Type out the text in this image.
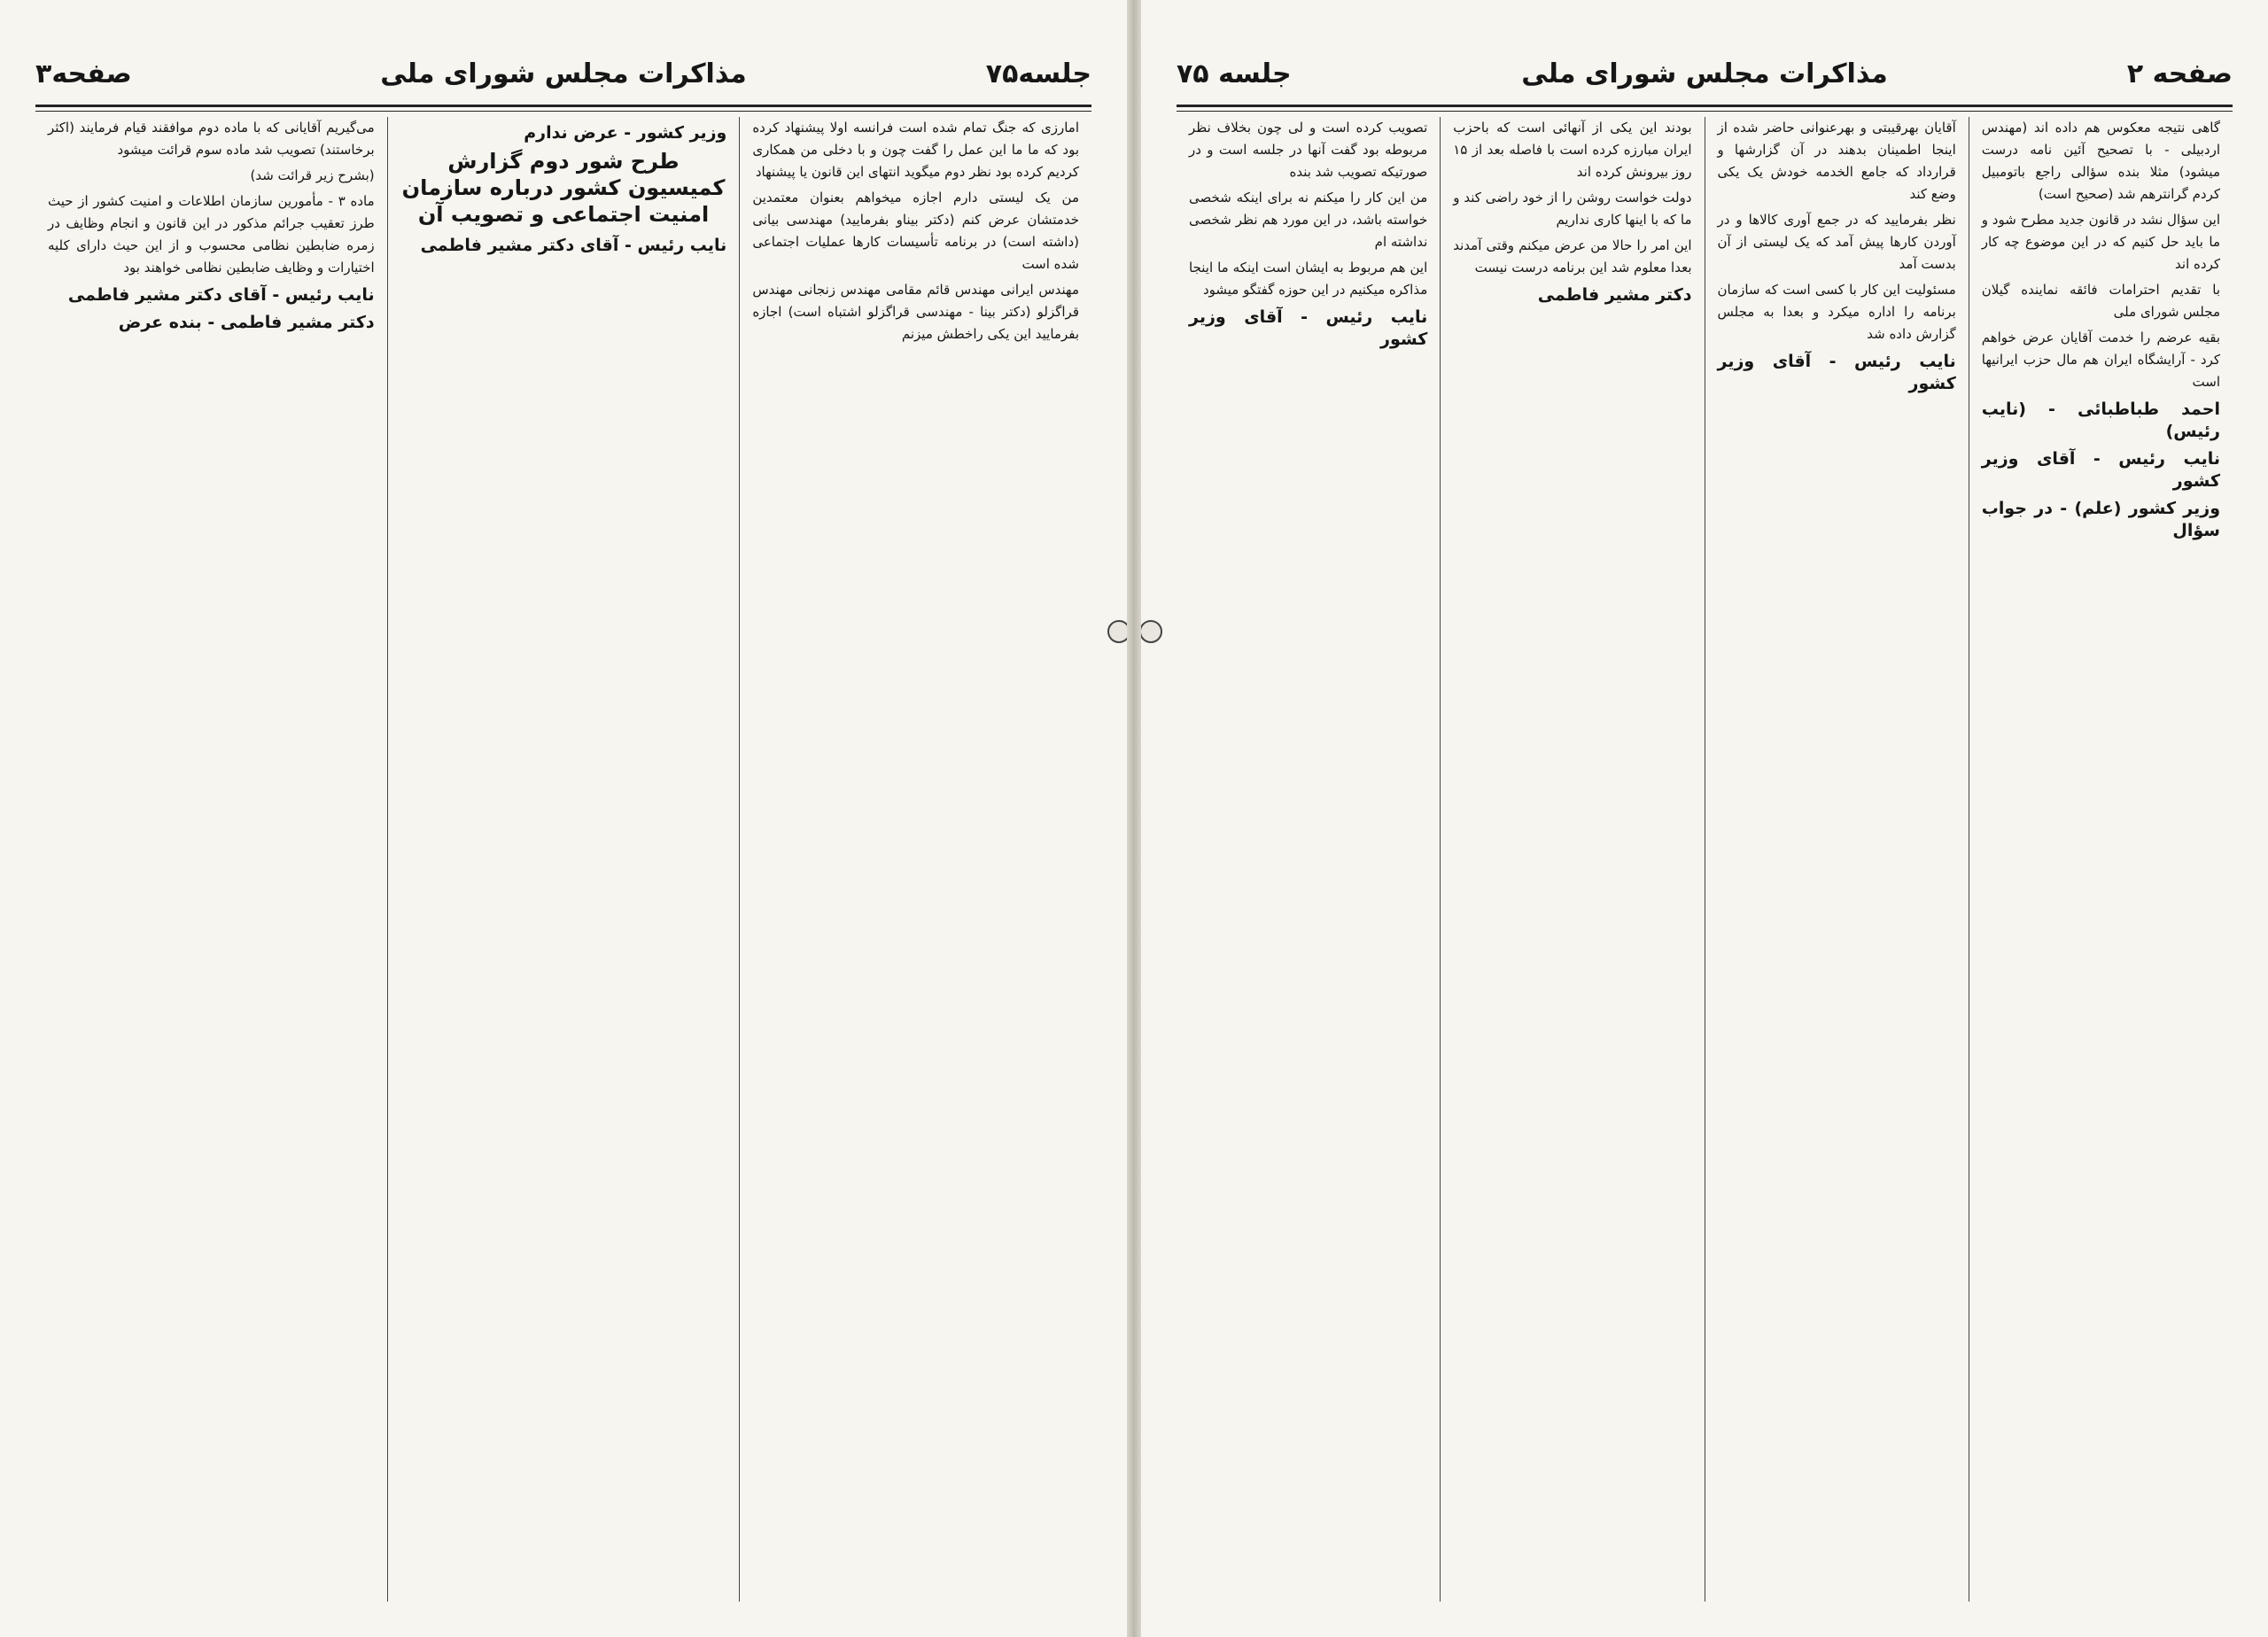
جلسه۷۵
مذاکرات مجلس شورای ملی
صفحه۳

امارزی که جنگ تمام شده است فرانسه اولا پیشنهاد کرده بود که ما ما این عمل را گفت چون و با دخلی من همکاری کردیم کرده بود نظر دوم میگوید انتهای این قانون یا پیشنهاد

من یک لیستی دارم اجازه میخواهم بعنوان معتمدین خدمتشان عرض کنم (دکتر بیناو بفرمایید) مهندسی بیانی (داشته است) در برنامه تأسیسات کارها عملیات اجتماعی شده است

مهندس ایرانی مهندس قائم مقامی مهندس زنجانی مهندس قراگزلو (دکتر بینا - مهندسی قراگزلو اشتباه است) اجازه بفرمایید این یکی راخطش میزنم

وزیر کشور - عرض ندارم
طرح شور دوم گزارش کمیسیون کشور درباره سازمان امنیت اجتماعی و تصویب آن
نایب رئیس - آقای دکتر مشیر فاطمی

می‌گیریم آقایانی که با ماده دوم موافقند قیام فرمایند (اکثر برخاستند) تصویب شد ماده سوم قرائت میشود

(بشرح زیر قرائت شد)

ماده ۳ - مأمورین سازمان اطلاعات و امنیت کشور از حیث طرز تعقیب جرائم مذکور در این قانون و انجام وظایف در زمره ضابطین نظامی محسوب و از این حیث دارای کلیه اختیارات و وظایف ضابطین نظامی خواهند بود

نایب رئیس - آقای دکتر مشیر فاطمی
دکتر مشیر فاطمی - بنده عرض
صفحه ۲
مذاکرات مجلس شورای ملی
جلسه ۷۵

گاهی نتیجه معکوس هم داده اند (مهندس اردبیلی - با تصحیح آئین نامه درست میشود) مثلا بنده سؤالی راجع باتومبیل کردم گرانترهم شد (صحیح است)

این سؤال نشد در قانون جدید مطرح شود و ما باید حل کنیم که در این موضوع چه کار کرده اند

با تقدیم احترامات فائقه نماینده گیلان مجلس شورای ملی

بقیه عرضم را خدمت آقایان عرض خواهم کرد - آرایشگاه ایران هم مال حزب ایرانیها است

احمد طباطبائی - (نایب رئیس)
نایب رئیس - آقای وزیر کشور
وزیر کشور (علم) - در جواب سؤال

آقایان بهرقیبتی و بهرعنوانی حاضر شده از اینجا اطمینان بدهند در آن گزارشها و قرارداد که جامع الخدمه خودش یک یکی وضع کند

نظر بفرمایید که در جمع آوری کالاها و در آوردن کارها پیش آمد که یک لیستی از آن بدست آمد

مسئولیت این کار با کسی است که سازمان برنامه را اداره میکرد و بعدا به مجلس گزارش داده شد

نایب رئیس - آقای وزیر کشور

بودند این یکی از آنهائی است که باحزب ایران مبارزه کرده است با فاصله بعد از ۱۵ روز بیرونش کرده اند

دولت خواست روشن را از خود راضی کند و ما که با اینها کاری نداریم

این امر را حالا من عرض میکنم وقتی آمدند بعدا معلوم شد این برنامه درست نیست

دکتر مشیر فاطمی

تصویب کرده است و لی چون بخلاف نظر مربوطه بود گفت آنها در جلسه است و در صورتیکه تصویب شد بنده

من این کار را میکنم نه برای اینکه شخصی خواسته باشد، در این مورد هم نظر شخصی نداشته ام

این هم مربوط به ایشان است اینکه ما اینجا مذاکره میکنیم در این حوزه گفتگو میشود

نایب رئیس - آقای وزیر کشور
